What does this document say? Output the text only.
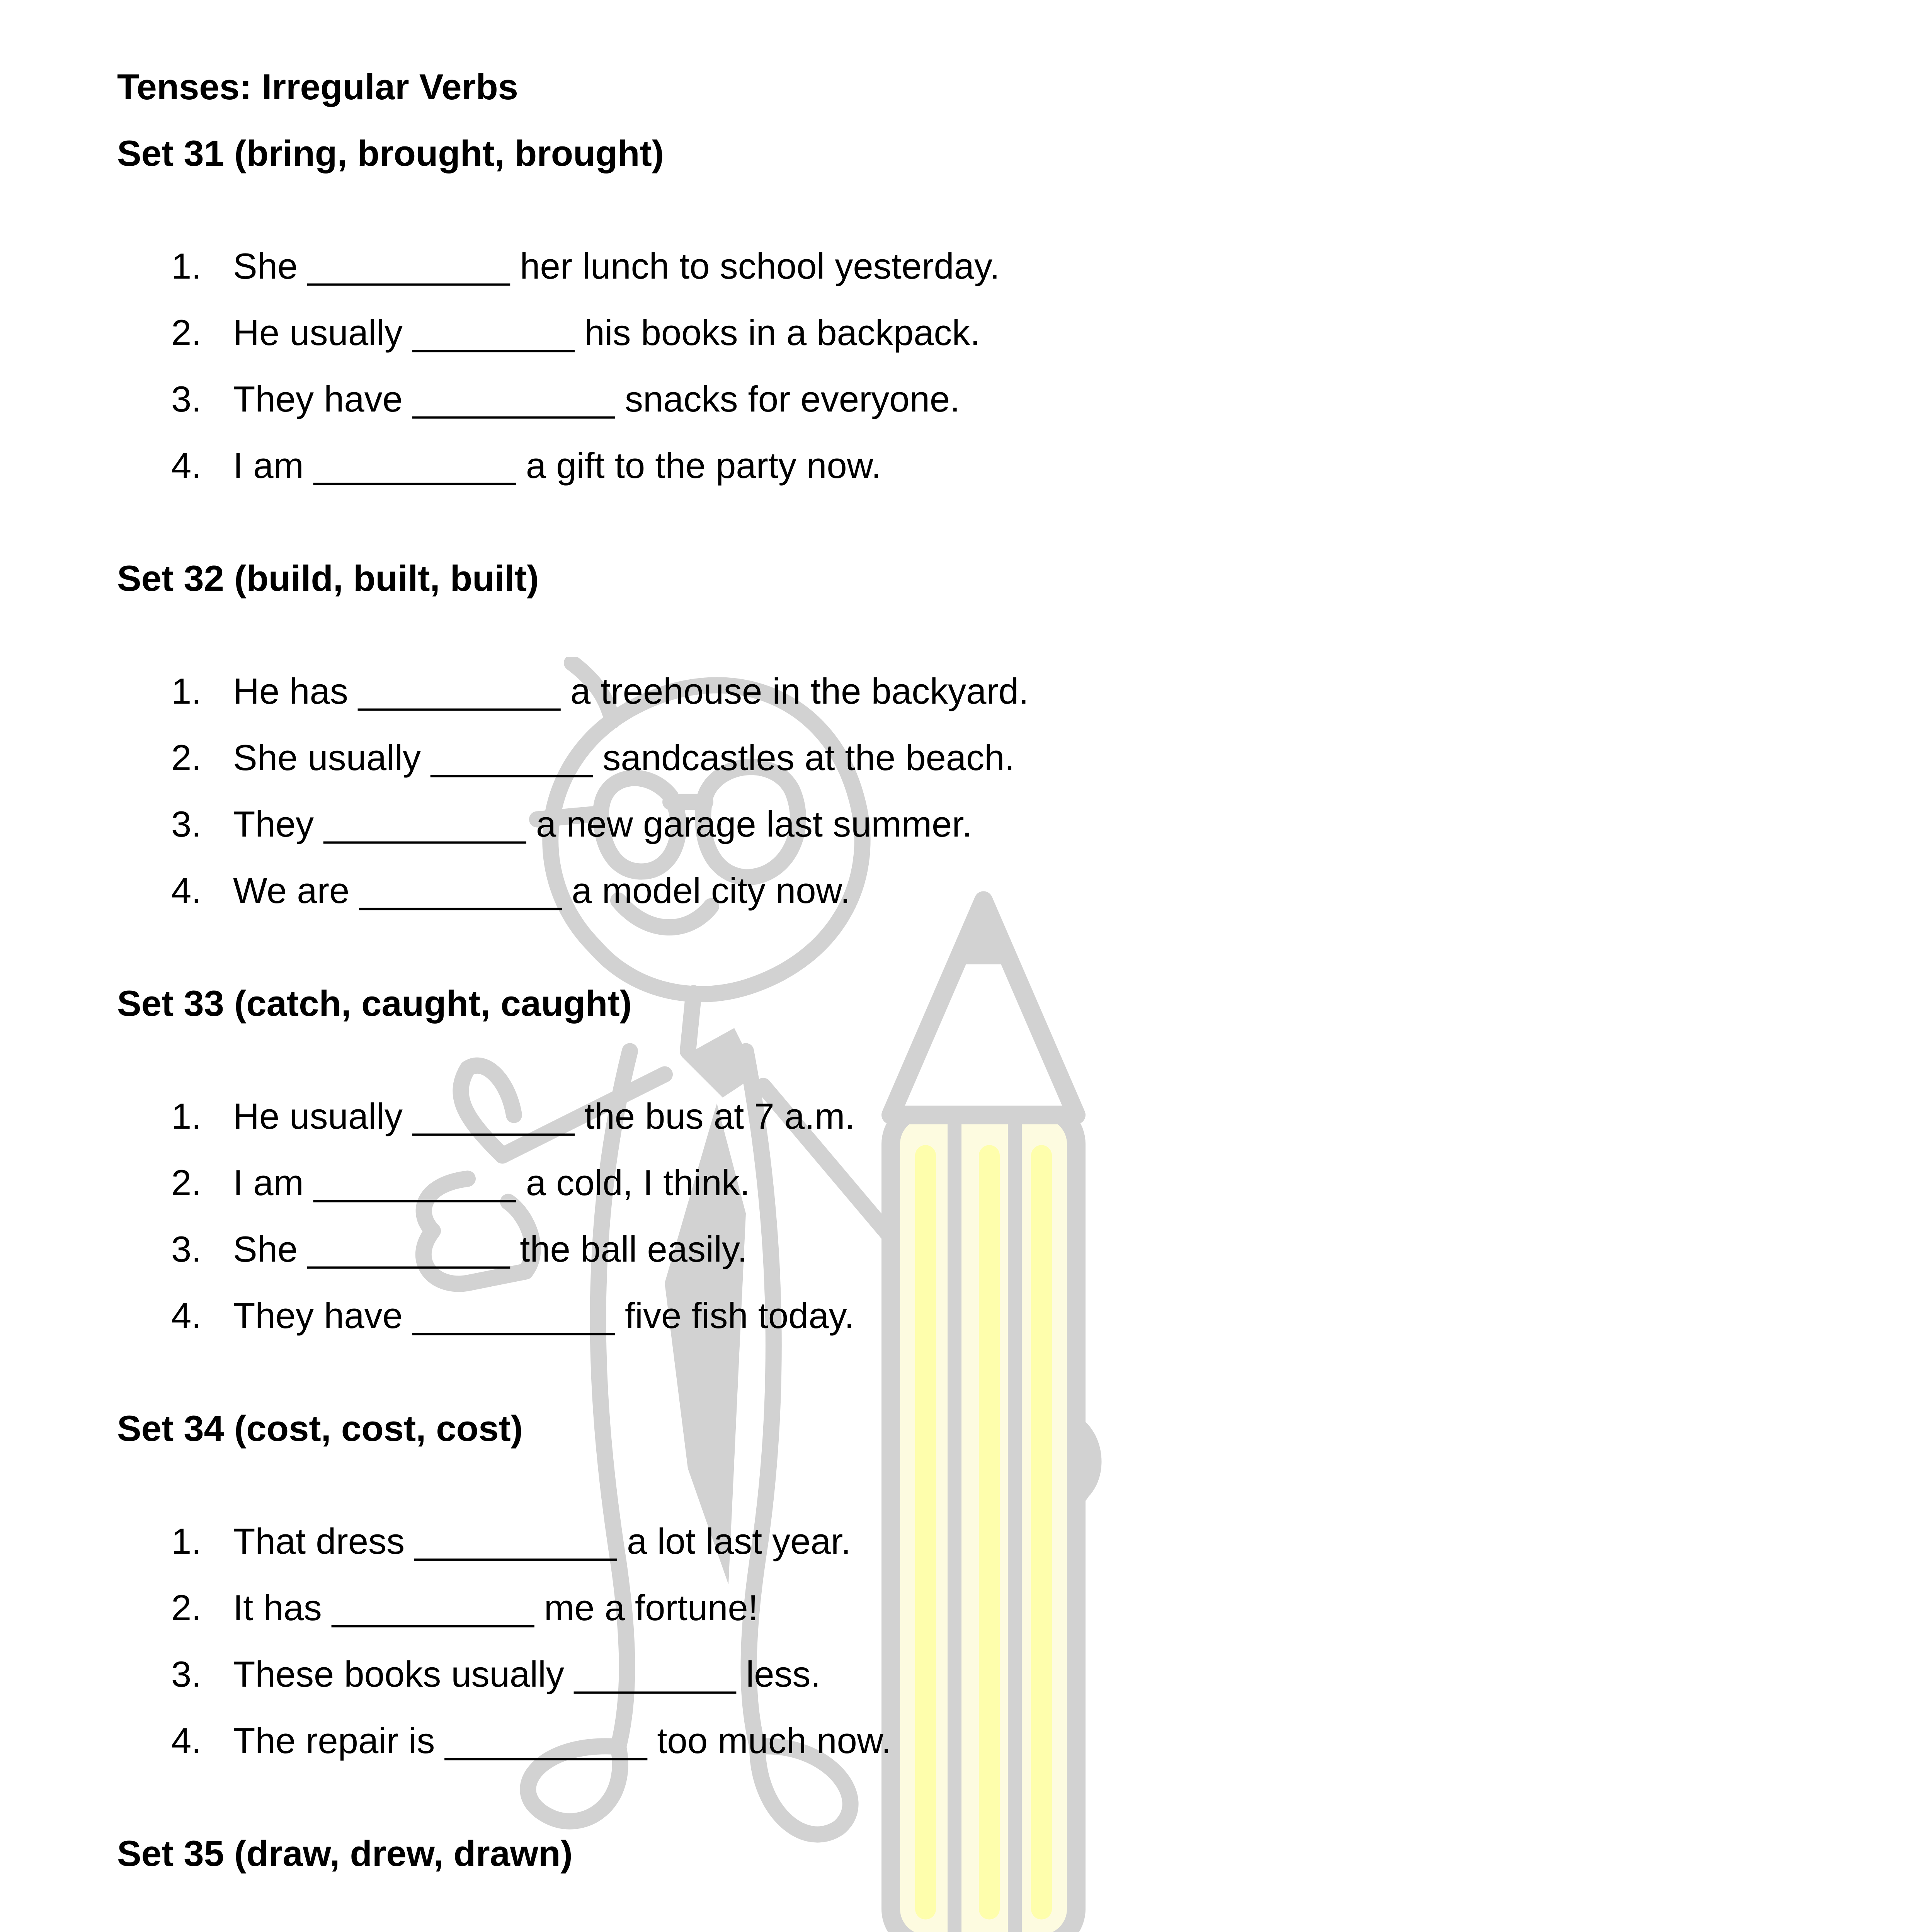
Tenses: Irregular Verbs
Set 31 (bring, brought, brought)
1. She __________ her lunch to school yesterday.
2. He usually ________ his books in a backpack.
3. They have __________ snacks for everyone.
4. I am __________ a gift to the party now.
Set 32 (build, built, built)
1. He has __________ a treehouse in the backyard.
2. She usually ________ sandcastles at the beach.
3. They __________ a new garage last summer.
4. We are __________ a model city now.
Set 33 (catch, caught, caught)
1. He usually ________ the bus at 7 a.m.
2. I am __________ a cold, I think.
3. She __________ the ball easily.
4. They have __________ five fish today.
Set 34 (cost, cost, cost)
1. That dress __________ a lot last year.
2. It has __________ me a fortune!
3. These books usually ________ less.
4. The repair is __________ too much now.
Set 35 (draw, drew, drawn)
